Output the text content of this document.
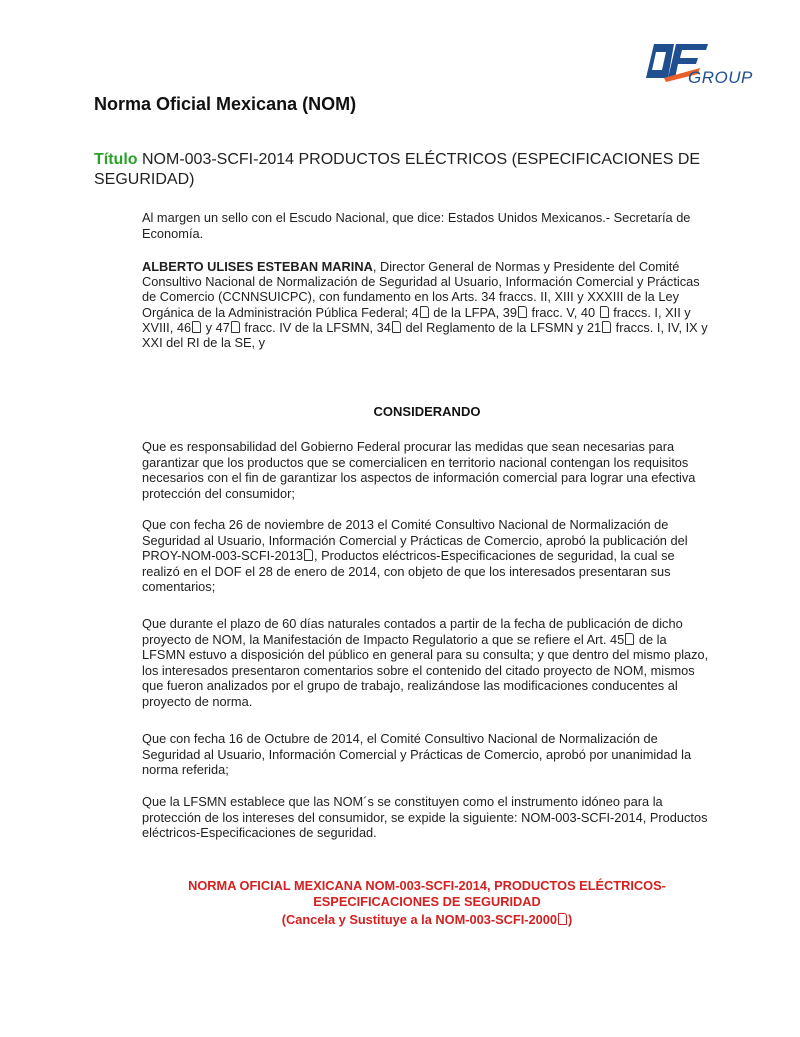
GROUP
Norma Oficial Mexicana (NOM)
Título NOM-003-SCFI-2014 PRODUCTOS ELÉCTRICOS (ESPECIFICACIONES DE SEGURIDAD)
Al margen un sello con el Escudo Nacional, que dice: Estados Unidos Mexicanos.- Secretaría de Economía.
ALBERTO ULISES ESTEBAN MARINA, Director General de Normas y Presidente del Comité Consultivo Nacional de Normalización de Seguridad al Usuario, Información Comercial y Prácticas de Comercio (CCNNSUICPC), con fundamento en los Arts. 34 fraccs. II, XIII y XXXIII de la Ley Orgánica de la Administración Pública Federal; 4 de la LFPA, 39 fracc. V, 40  fraccs. I, XII y XVIII, 46 y 47 fracc. IV de la LFSMN, 34 del Reglamento de la LFSMN y 21 fraccs. I, IV, IX y XXI del RI de la SE, y
CONSIDERANDO
Que es responsabilidad del Gobierno Federal procurar las medidas que sean necesarias para garantizar que los productos que se comercialicen en territorio nacional contengan los requisitos necesarios con el fin de garantizar los aspectos de información comercial para lograr una efectiva protección del consumidor;
Que con fecha 26 de noviembre de 2013 el Comité Consultivo Nacional de Normalización de Seguridad al Usuario, Información Comercial y Prácticas de Comercio, aprobó la publicación del PROY-NOM-003-SCFI-2013 , Productos eléctricos-Especificaciones de seguridad, la cual se realizó en el DOF el 28 de enero de 2014, con objeto de que los interesados presentaran sus comentarios;
Que durante el plazo de 60 días naturales contados a partir de la fecha de publicación de dicho proyecto de NOM, la Manifestación de Impacto Regulatorio a que se refiere el Art. 45 de la LFSMN estuvo a disposición del público en general para su consulta; y que dentro del mismo plazo, los interesados presentaron comentarios sobre el contenido del citado proyecto de NOM, mismos que fueron analizados por el grupo de trabajo, realizándose las modificaciones conducentes al proyecto de norma.
Que con fecha 16 de Octubre de 2014, el Comité Consultivo Nacional de Normalización de Seguridad al Usuario, Información Comercial y Prácticas de Comercio, aprobó por unanimidad la norma referida;
Que la LFSMN establece que las NOM´s se constituyen como el instrumento idóneo para la protección de los intereses del consumidor, se expide la siguiente: NOM-003-SCFI-2014, Productos eléctricos-Especificaciones de seguridad.
NORMA OFICIAL MEXICANA NOM-003-SCFI-2014, PRODUCTOS ELÉCTRICOS-
ESPECIFICACIONES DE SEGURIDAD
(Cancela y Sustituye a la NOM-003-SCFI-2000 )
